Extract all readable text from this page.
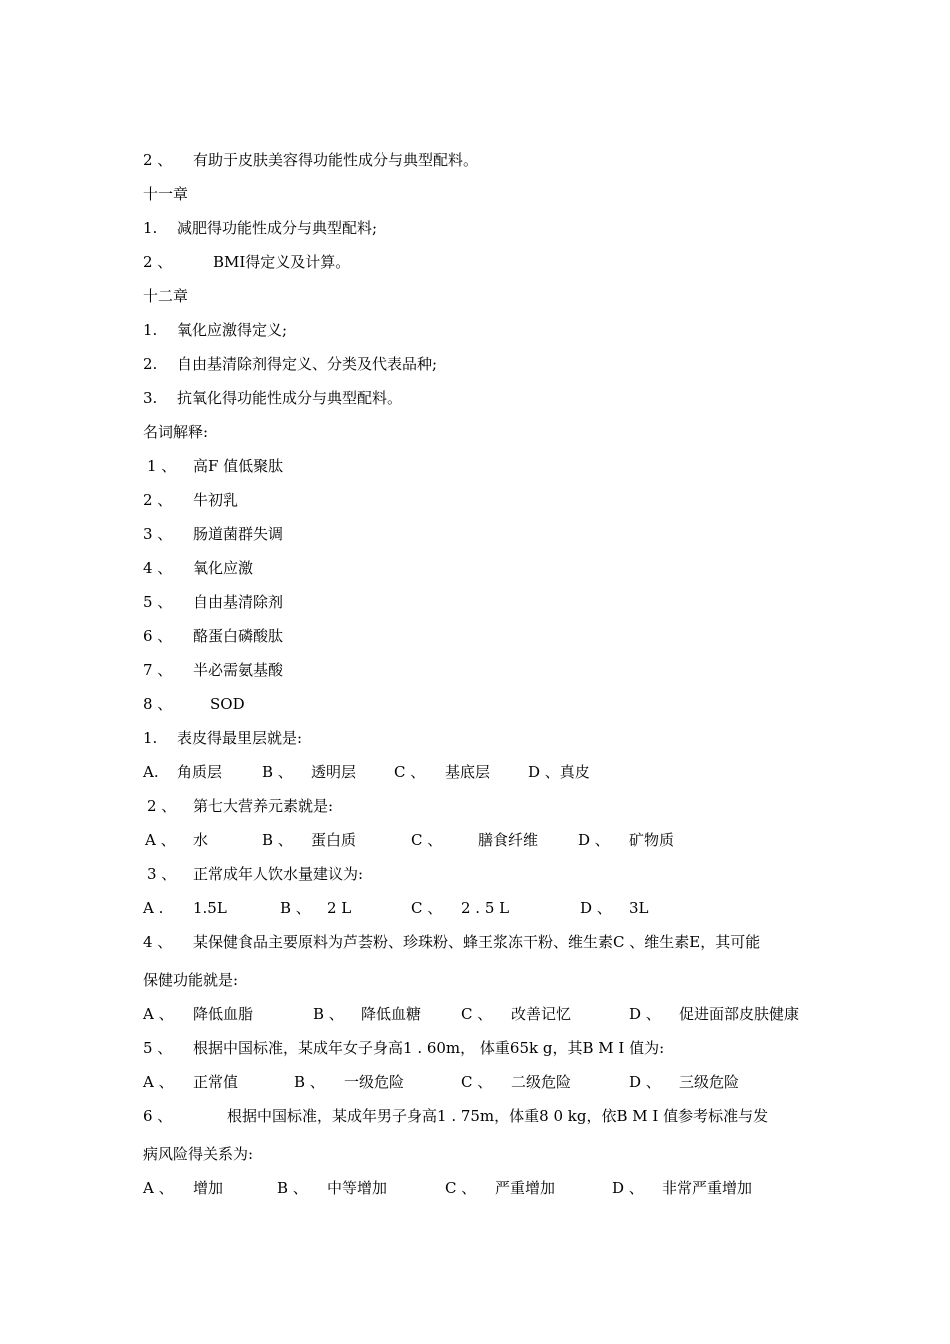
2 、 有助于皮肤美容得功能性成分与典型配料。
十一章
1. 减肥得功能性成分与典型配料;
2 、	BMI得定义及计算。
十二章
1. 氧化应激得定义;
2. 自由基清除剂得定义、分类及代表品种;
3. 抗氧化得功能性成分与典型配料。
名词解释:
1 、 高F 值低聚肽
2 、 牛初乳
3 、 肠道菌群失调
4 、 氧化应激
5 、 自由基清除剂
6 、 酪蛋白磷酸肽
7 、 半必需氨基酸
8 、	SOD
1. 表皮得最里层就是:
A. 角质层	B 、 透明层	C 、 基底层	D 、真皮
2 、 第七大营养元素就是:
A 、 水	B 、 蛋白质	C 、 膳食纤维	D 、 矿物质
3 、 正常成年人饮水量建议为:
A . 1.5L	B 、 2 L	C 、 2 . 5 L	D 、 3L
4 、 某保健食品主要原料为芦荟粉、珍珠粉、蜂王浆冻干粉、维生素C 、维生素E，其可能
保健功能就是:
A 、 降低血脂	B 、 降低血糖	C 、 改善记忆	D 、 促进面部皮肤健康
5 、 根据中国标准，某成年女子身高1 . 60m， 体重65k g，其B M I 值为:
A 、 正常值	B 、 一级危险	C 、 二级危险	D 、 三级危险
6 、	根据中国标准，某成年男子身高1 . 75m，体重8 0 kg，依B M I 值参考标准与发
病风险得关系为:
A 、 增加	B 、 中等增加	C 、 严重增加	D 、 非常严重增加
